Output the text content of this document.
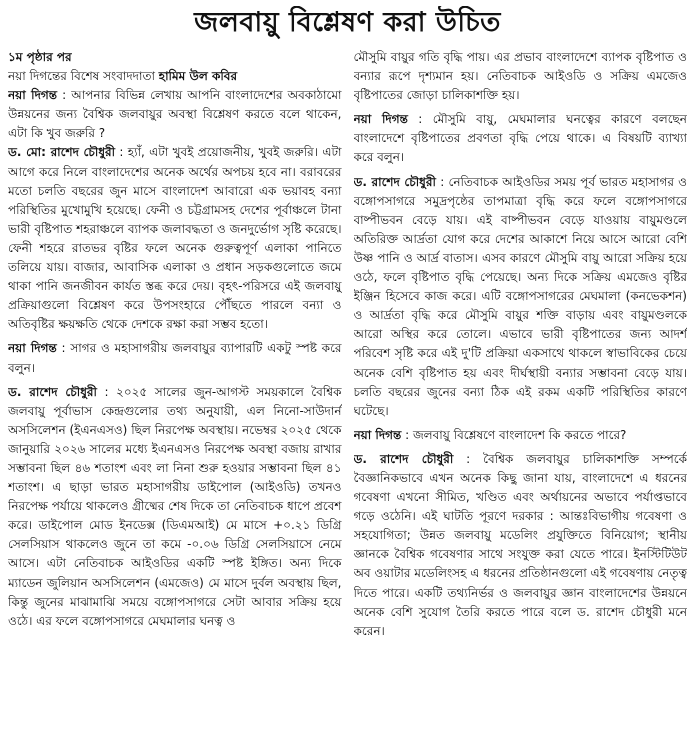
জলবায়ু বিশ্লেষণ করা উচিত

১ম পৃষ্ঠার পর

নয়া দিগন্তের বিশেষ সংবাদদাতা হামিম উল কবির

নয়া দিগন্ত : আপনার বিভিন্ন লেখায় আপনি বাংলাদেশের অবকাঠামো উন্নয়নের জন্য বৈশ্বিক জলবায়ুর অবস্থা বিশ্লেষণ করতে বলে থাকেন, এটা কি খুব জরুরি ?

ড. মো: রাশেদ চৌধুরী : হ্যাঁ, এটা খুবই প্রয়োজনীয়, খুবই জরুরি। এটা আগে করে নিলে বাংলাদেশের অনেক অর্থের অপচয় হবে না। বরাবরের মতো চলতি বছরের জুন মাসে বাংলাদেশ আবারো এক ভয়াবহ বন্যা পরিস্থিতির মুখোমুখি হয়েছে। ফেনী ও চট্টগ্রামসহ দেশের পূর্বাঞ্চলে টানা ভারী বৃষ্টিপাত শহরাঞ্চলে ব্যাপক জলাবদ্ধতা ও জনদুর্ভোগ সৃষ্টি করেছে। ফেনী শহরে রাতভর বৃষ্টির ফলে অনেক গুরুত্বপূর্ণ এলাকা পানিতে তলিয়ে যায়। বাজার, আবাসিক এলাকা ও প্রধান সড়কগুলোতে জমে থাকা পানি জনজীবন কার্যত স্তব্ধ করে দেয়। বৃহৎ-পরিসরে এই জলবায়ু প্রক্রিয়াগুলো বিশ্লেষণ করে উপসংহারে পৌঁছতে পারলে বন্যা ও অতিবৃষ্টির ক্ষয়ক্ষতি থেকে দেশকে রক্ষা করা সম্ভব হতো।

নয়া দিগন্ত : সাগর ও মহাসাগরীয় জলবায়ুর ব্যাপারটি একটু স্পষ্ট করে বলুন।

ড. রাশেদ চৌধুরী : ২০২৫ সালের জুন-আগস্ট সময়কালে বৈশ্বিক জলবায়ু পূর্বাভাস কেন্দ্রগুলোর তথ্য অনুযায়ী, এল নিনো-সাউদার্ন অসসিলেশন (ইএনএসও) ছিল নিরপেক্ষ অবস্থায়। নভেম্বর ২০২৫ থেকে জানুয়ারি ২০২৬ সালের মধ্যে ইএনএসও নিরপেক্ষ অবস্থা বজায় রাখার সম্ভাবনা ছিল ৪৬ শতাংশ এবং লা নিনা শুরু হওয়ার সম্ভাবনা ছিল ৪১ শতাংশ। এ ছাড়া ভারত মহাসাগরীয় ডাইপোল (আইওডি) তখনও নিরপেক্ষ পর্যায়ে থাকলেও গ্রীষ্মের শেষ দিকে তা নেতিবাচক ধাপে প্রবেশ করে। ডাইপোল মোড ইনডেক্স (ডিএমআই) মে মাসে +০.২১ ডিগ্রি সেলসিয়াস থাকলেও জুনে তা কমে -০.০৬ ডিগ্রি সেলসিয়াসে নেমে আসে। এটা নেতিবাচক আইওডির একটি স্পষ্ট ইঙ্গিত। অন্য দিকে ম্যাডেন জুলিয়ান অসসিলেশন (এমজেও) মে মাসে দুর্বল অবস্থায় ছিল, কিন্তু জুনের মাঝামাঝি সময়ে বঙ্গোপসাগরে সেটা আবার সক্রিয় হয়ে ওঠে। এর ফলে বঙ্গোপসাগরে মেঘমালার ঘনত্ব ও

মৌসুমি বায়ুর গতি বৃদ্ধি পায়। এর প্রভাব বাংলাদেশে ব্যাপক বৃষ্টিপাত ও বন্যার রূপে দৃশ্যমান হয়। নেতিবাচক আইওডি ও সক্রিয় এমজেও বৃষ্টিপাতের জোড়া চালিকাশক্তি হয়।

নয়া দিগন্ত : মৌসুমি বায়ু, মেঘমালার ঘনত্বের কারণে বলছেন বাংলাদেশে বৃষ্টিপাতের প্রবণতা বৃদ্ধি পেয়ে থাকে। এ বিষয়টি ব্যাখ্যা করে বলুন।

ড. রাশেদ চৌধুরী : নেতিবাচক আইওডির সময় পূর্ব ভারত মহাসাগর ও বঙ্গোপসাগরে সমুদ্রপৃষ্ঠের তাপমাত্রা বৃদ্ধি করে ফলে বঙ্গোপসাগরে বাষ্পীভবন বেড়ে যায়। এই বাষ্পীভবন বেড়ে যাওয়ায় বায়ুমণ্ডলে অতিরিক্ত আর্দ্রতা যোগ করে দেশের আকাশে নিয়ে আসে আরো বেশি উষ্ণ পানি ও আর্দ্র বাতাস। এসব কারণে মৌসুমি বায়ু আরো সক্রিয় হয়ে ওঠে, ফলে বৃষ্টিপাত বৃদ্ধি পেয়েছে। অন্য দিকে সক্রিয় এমজেও বৃষ্টির ইঞ্জিন হিসেবে কাজ করে। এটি বঙ্গোপসাগরের মেঘমালা (কনভেকশন) ও আর্দ্রতা বৃদ্ধি করে মৌসুমি বায়ুর শক্তি বাড়ায় এবং বায়ুমণ্ডলকে আরো অস্থির করে তোলে। এভাবে ভারী বৃষ্টিপাতের জন্য আদর্শ পরিবেশ সৃষ্টি করে এই দু'টি প্রক্রিয়া একসাথে থাকলে স্বাভাবিকের চেয়ে অনেক বেশি বৃষ্টিপাত হয় এবং দীর্ঘস্থায়ী বন্যার সম্ভাবনা বেড়ে যায়। চলতি বছরের জুনের বন্যা ঠিক এই রকম একটি পরিস্থিতির কারণে ঘটেছে।

নয়া দিগন্ত : জলবায়ু বিশ্লেষণে বাংলাদেশ কি করতে পারে?

ড. রাশেদ চৌধুরী : বৈশ্বিক জলবায়ুর চালিকাশক্তি সম্পর্কে বৈজ্ঞানিকভাবে এখন অনেক কিছু জানা যায়, বাংলাদেশে এ ধরনের গবেষণা এখনো সীমিত, খণ্ডিত এবং অর্থায়নের অভাবে পর্যাপ্তভাবে গড়ে ওঠেনি। এই ঘাটতি পূরণে দরকার : আন্তঃবিভাগীয় গবেষণা ও সহযোগিতা; উন্নত জলবায়ু মডেলিং প্রযুক্তিতে বিনিয়োগ; স্থানীয় জ্ঞানকে বৈশ্বিক গবেষণার সাথে সংযুক্ত করা যেতে পারে। ইনস্টিটিউট অব ওয়াটার মডেলিংসহ এ ধরনের প্রতিষ্ঠানগুলো এই গবেষণায় নেতৃত্ব দিতে পারে। একটি তথ্যনির্ভর ও জলবায়ুর জ্ঞান বাংলাদেশের উন্নয়নে অনেক বেশি সুযোগ তৈরি করতে পারে বলে ড. রাশেদ চৌধুরী মনে করেন।
